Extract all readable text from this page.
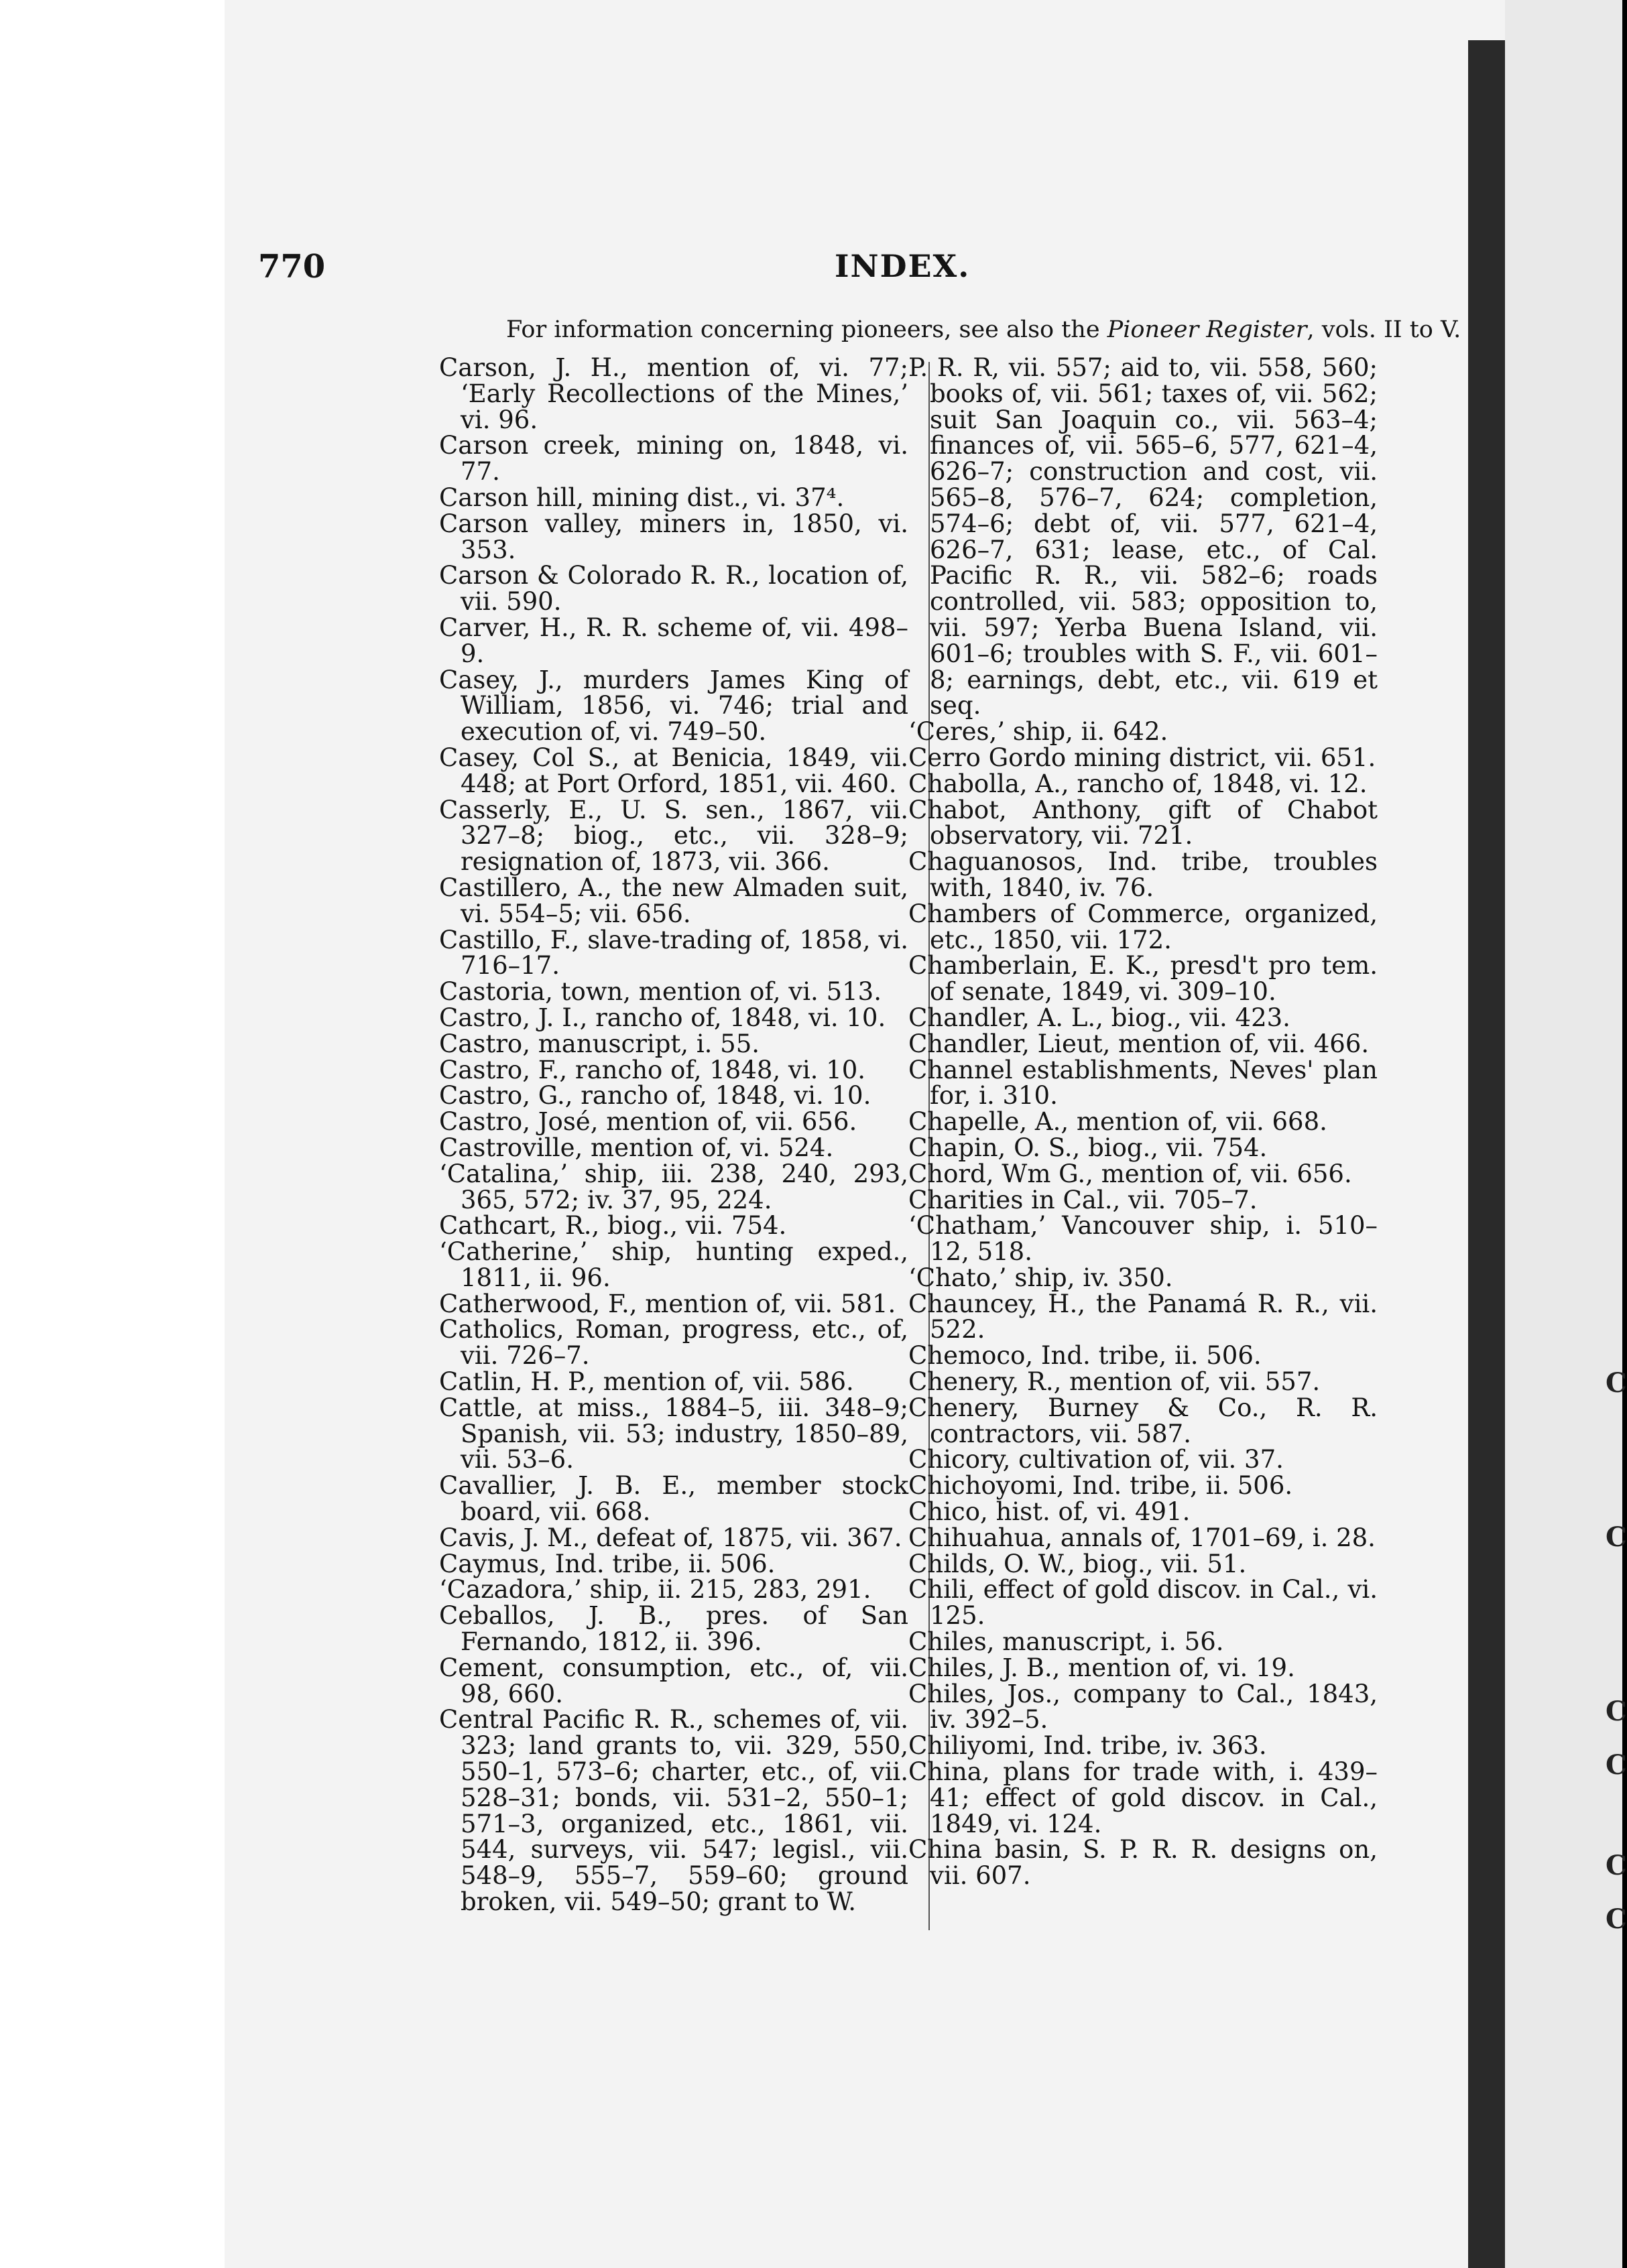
770	INDEX.
For information concerning pioneers, see also the Pioneer Register, vols. II to V.
Carson, J. H., mention of, vi. 77; ‘Early Recollections of the Mines,’ vi. 96.
Carson creek, mining on, 1848, vi. 77.
Carson hill, mining dist., vi. 37⁴.
Carson valley, miners in, 1850, vi. 353.
Carson & Colorado R. R., location of, vii. 590.
Carver, H., R. R. scheme of, vii. 498–9.
Casey, J., murders James King of William, 1856, vi. 746; trial and execution of, vi. 749–50.
Casey, Col S., at Benicia, 1849, vii. 448; at Port Orford, 1851, vii. 460.
Casserly, E., U. S. sen., 1867, vii. 327–8; biog., etc., vii. 328–9; resignation of, 1873, vii. 366.
Castillero, A., the new Almaden suit, vi. 554–5; vii. 656.
Castillo, F., slave-trading of, 1858, vi. 716–17.
Castoria, town, mention of, vi. 513.
Castro, J. I., rancho of, 1848, vi. 10.
Castro, manuscript, i. 55.
Castro, F., rancho of, 1848, vi. 10.
Castro, G., rancho of, 1848, vi. 10.
Castro, José, mention of, vii. 656.
Castroville, mention of, vi. 524.
‘Catalina,’ ship, iii. 238, 240, 293, 365, 572; iv. 37, 95, 224.
Cathcart, R., biog., vii. 754.
‘Catherine,’ ship, hunting exped., 1811, ii. 96.
Catherwood, F., mention of, vii. 581.
Catholics, Roman, progress, etc., of, vii. 726–7.
Catlin, H. P., mention of, vii. 586.
Cattle, at miss., 1884–5, iii. 348–9; Spanish, vii. 53; industry, 1850–89, vii. 53–6.
Cavallier, J. B. E., member stock board, vii. 668.
Cavis, J. M., defeat of, 1875, vii. 367.
Caymus, Ind. tribe, ii. 506.
‘Cazadora,’ ship, ii. 215, 283, 291.
Ceballos, J. B., pres. of San Fernando, 1812, ii. 396.
Cement, consumption, etc., of, vii. 98, 660.
Central Pacific R. R., schemes of, vii. 323; land grants to, vii. 329, 550, 550–1, 573–6; charter, etc., of, vii. 528–31; bonds, vii. 531–2, 550–1; 571–3, organized, etc., 1861, vii. 544, surveys, vii. 547; legisl., vii. 548–9, 555–7, 559–60; ground broken, vii. 549–50; grant to W.
P. R. R, vii. 557; aid to, vii. 558, 560; books of, vii. 561; taxes of, vii. 562; suit San Joaquin co., vii. 563–4; finances of, vii. 565–6, 577, 621–4, 626–7; construction and cost, vii. 565–8, 576–7, 624; completion, 574–6; debt of, vii. 577, 621–4, 626–7, 631; lease, etc., of Cal. Pacific R. R., vii. 582–6; roads controlled, vii. 583; opposition to, vii. 597; Yerba Buena Island, vii. 601–6; troubles with S. F., vii. 601–8; earnings, debt, etc., vii. 619 et seq.
‘Ceres,’ ship, ii. 642.
Cerro Gordo mining district, vii. 651.
Chabolla, A., rancho of, 1848, vi. 12.
Chabot, Anthony, gift of Chabot observatory, vii. 721.
Chaguanosos, Ind. tribe, troubles with, 1840, iv. 76.
Chambers of Commerce, organized, etc., 1850, vii. 172.
Chamberlain, E. K., presd't pro tem. of senate, 1849, vi. 309–10.
Chandler, A. L., biog., vii. 423.
Chandler, Lieut, mention of, vii. 466.
Channel establishments, Neves' plan for, i. 310.
Chapelle, A., mention of, vii. 668.
Chapin, O. S., biog., vii. 754.
Chord, Wm G., mention of, vii. 656.
Charities in Cal., vii. 705–7.
‘Chatham,’ Vancouver ship, i. 510–12, 518.
‘Chato,’ ship, iv. 350.
Chauncey, H., the Panamá R. R., vii. 522.
Chemoco, Ind. tribe, ii. 506.
Chenery, R., mention of, vii. 557.
Chenery, Burney & Co., R. R. contractors, vii. 587.
Chicory, cultivation of, vii. 37.
Chichoyomi, Ind. tribe, ii. 506.
Chico, hist. of, vi. 491.
Chihuahua, annals of, 1701–69, i. 28.
Childs, O. W., biog., vii. 51.
Chili, effect of gold discov. in Cal., vi. 125.
Chiles, manuscript, i. 56.
Chiles, J. B., mention of, vi. 19.
Chiles, Jos., company to Cal., 1843, iv. 392–5.
Chiliyomi, Ind. tribe, iv. 363.
China, plans for trade with, i. 439–41; effect of gold discov. in Cal., 1849, vi. 124.
China basin, S. P. R. R. designs on, vii. 607.
C
C
C
C
C
C
